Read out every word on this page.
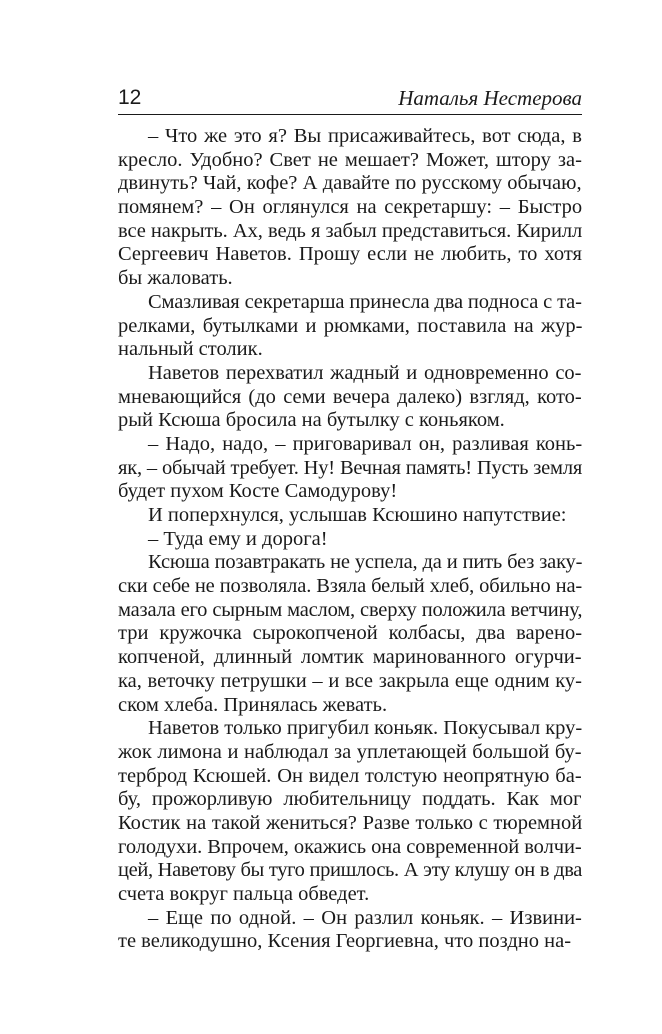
12	Наталья Нестерова
– Что же это я? Вы присаживайтесь, вот сюда, в
кресло. Удобно? Свет не мешает? Может, штору за-
двинуть? Чай, кофе? А давайте по русскому обычаю,
помянем? – Он оглянулся на секретаршу: – Быстро
все накрыть. Ах, ведь я забыл представиться. Кирилл
Сергеевич Наветов. Прошу если не любить, то хотя
бы жаловать.
Смазливая секретарша принесла два подноса с та-
релками, бутылками и рюмками, поставила на жур-
нальный столик.
Наветов перехватил жадный и одновременно со-
мневающийся (до семи вечера далеко) взгляд, кото-
рый Ксюша бросила на бутылку с коньяком.
– Надо, надо, – приговаривал он, разливая конь-
як, – обычай требует. Ну! Вечная память! Пусть земля
будет пухом Косте Самодурову!
И поперхнулся, услышав Ксюшино напутствие:
– Туда ему и дорога!
Ксюша позавтракать не успела, да и пить без заку-
ски себе не позволяла. Взяла белый хлеб, обильно на-
мазала его сырным маслом, сверху положила ветчину,
три кружочка сырокопченой колбасы, два варено-
копченой, длинный ломтик маринованного огурчи-
ка, веточку петрушки – и все закрыла еще одним ку-
ском хлеба. Принялась жевать.
Наветов только пригубил коньяк. Покусывал кру-
жок лимона и наблюдал за уплетающей большой бу-
терброд Ксюшей. Он видел толстую неопрятную ба-
бу, прожорливую любительницу поддать. Как мог
Костик на такой жениться? Разве только с тюремной
голодухи. Впрочем, окажись она современной волчи-
цей, Наветову бы туго пришлось. А эту клушу он в два
счета вокруг пальца обведет.
– Еще по одной. – Он разлил коньяк. – Извини-
те великодушно, Ксения Георгиевна, что поздно на-
